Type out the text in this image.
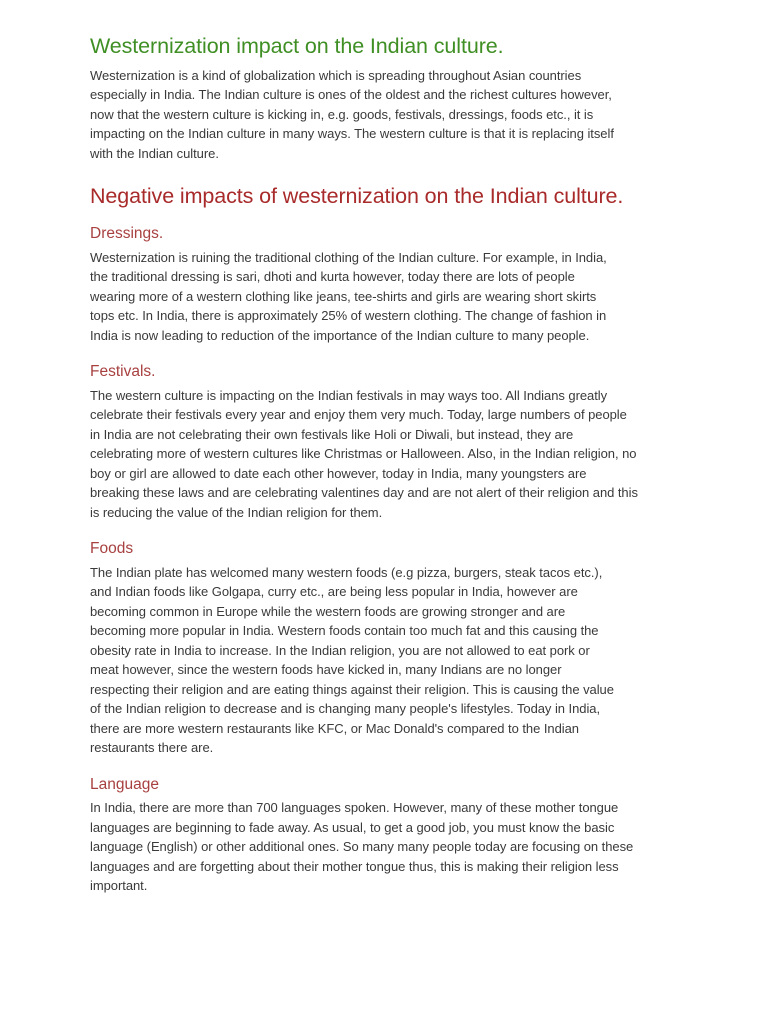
Westernization impact on the Indian culture.

Westernization is a kind of globalization which is spreading throughout Asian countries
especially in India. The Indian culture is ones of the oldest and the richest cultures however,
now that the western culture is kicking in, e.g. goods, festivals, dressings, foods etc., it is
impacting on the Indian culture in many ways. The western culture is that it is replacing itself
with the Indian culture.

Negative impacts of westernization on the Indian culture.
Dressings.

Westernization is ruining the traditional clothing of the Indian culture. For example, in India,
the traditional dressing is sari, dhoti and kurta however, today there are lots of people
wearing more of a western clothing like jeans, tee-shirts and girls are wearing short skirts
tops etc. In India, there is approximately 25% of western clothing. The change of fashion in
India is now leading to reduction of the importance of the Indian culture to many people.

Festivals.

The western culture is impacting on the Indian festivals in may ways too. All Indians greatly
celebrate their festivals every year and enjoy them very much. Today, large numbers of people
in India are not celebrating their own festivals like Holi or Diwali, but instead, they are
celebrating more of western cultures like Christmas or Halloween. Also, in the Indian religion, no
boy or girl are allowed to date each other however, today in India, many youngsters are
breaking these laws and are celebrating valentines day and are not alert of their religion and this
is reducing the value of the Indian religion for them.

Foods

The Indian plate has welcomed many western foods (e.g pizza, burgers, steak tacos etc.),
and Indian foods like Golgapa, curry etc., are being less popular in India, however are
becoming common in Europe while the western foods are growing stronger and are
becoming more popular in India. Western foods contain too much fat and this causing the
obesity rate in India to increase. In the Indian religion, you are not allowed to eat pork or
meat however, since the western foods have kicked in, many Indians are no longer
respecting their religion and are eating things against their religion. This is causing the value
of the Indian religion to decrease and is changing many people's lifestyles. Today in India,
there are more western restaurants like KFC, or Mac Donald's compared to the Indian
restaurants there are.

Language

In India, there are more than 700 languages spoken. However, many of these mother tongue
languages are beginning to fade away. As usual, to get a good job, you must know the basic
language (English) or other additional ones. So many many people today are focusing on these
languages and are forgetting about their mother tongue thus, this is making their religion less
important.
